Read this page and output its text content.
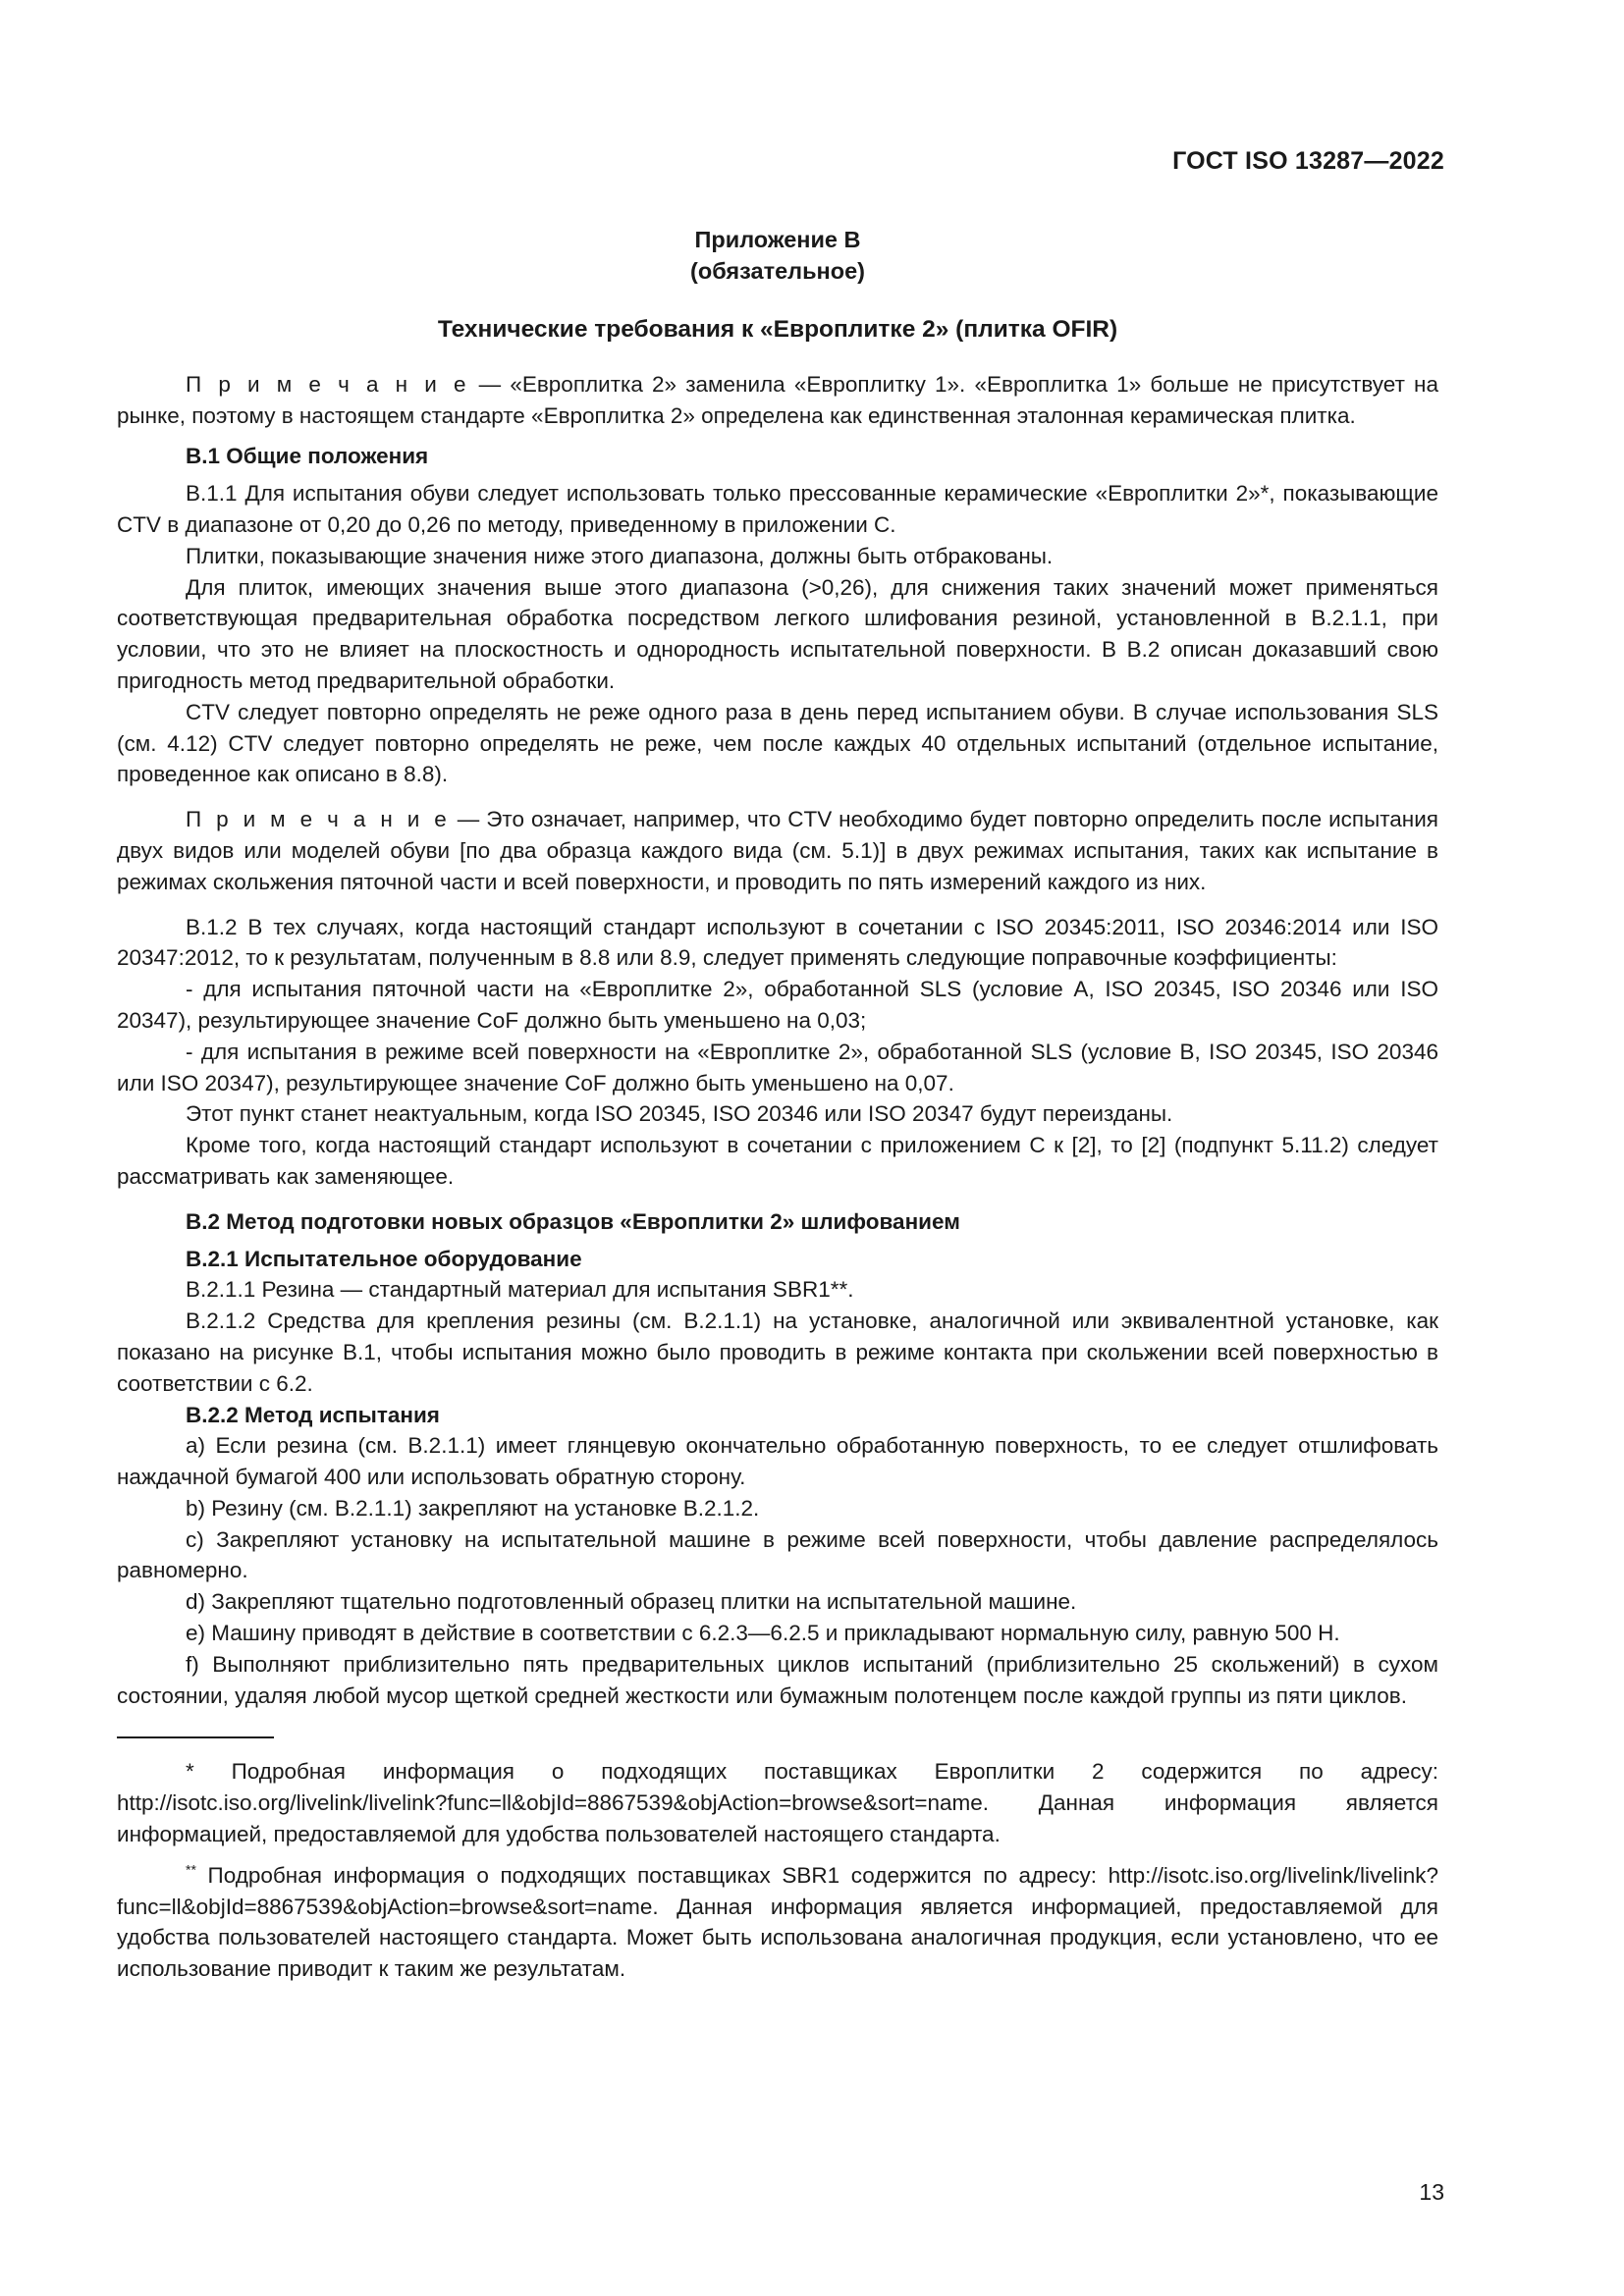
ГОСТ ISO 13287—2022
Приложение В
(обязательное)
Технические требования к «Европлитке 2» (плитка OFIR)

П р и м е ч а н и е — «Европлитка 2» заменила «Европлитку 1». «Европлитка 1» больше не присутствует на рынке, поэтому в настоящем стандарте «Европлитка 2» определена как единственная эталонная керамическая плитка.

B.1 Общие положения

B.1.1 Для испытания обуви следует использовать только прессованные керамические «Европлитки 2»*, показывающие CTV в диапазоне от 0,20 до 0,26 по методу, приведенному в приложении С.

Плитки, показывающие значения ниже этого диапазона, должны быть отбракованы.

Для плиток, имеющих значения выше этого диапазона (>0,26), для снижения таких значений может применяться соответствующая предварительная обработка посредством легкого шлифования резиной, установленной в В.2.1.1, при условии, что это не влияет на плоскостность и однородность испытательной поверхности. В В.2 описан доказавший свою пригодность метод предварительной обработки.

CTV следует повторно определять не реже одного раза в день перед испытанием обуви. В случае использования SLS (см. 4.12) CTV следует повторно определять не реже, чем после каждых 40 отдельных испытаний (отдельное испытание, проведенное как описано в 8.8).

П р и м е ч а н и е — Это означает, например, что CTV необходимо будет повторно определить после испытания двух видов или моделей обуви [по два образца каждого вида (см. 5.1)] в двух режимах испытания, таких как испытание в режимах скольжения пяточной части и всей поверхности, и проводить по пять измерений каждого из них.

B.1.2 В тех случаях, когда настоящий стандарт используют в сочетании с ISO 20345:2011, ISO 20346:2014 или ISO 20347:2012, то к результатам, полученным в 8.8 или 8.9, следует применять следующие поправочные коэффициенты:

- для испытания пяточной части на «Европлитке 2», обработанной SLS (условие А, ISO 20345, ISO 20346 или ISO 20347), результирующее значение CoF должно быть уменьшено на 0,03;

- для испытания в режиме всей поверхности на «Европлитке 2», обработанной SLS (условие В, ISO 20345, ISO 20346 или ISO 20347), результирующее значение CoF должно быть уменьшено на 0,07.

Этот пункт станет неактуальным, когда ISO 20345, ISO 20346 или ISO 20347 будут переизданы.

Кроме того, когда настоящий стандарт используют в сочетании с приложением С к [2], то [2] (подпункт 5.11.2) следует рассматривать как заменяющее.

B.2 Метод подготовки новых образцов «Европлитки 2» шлифованием

B.2.1 Испытательное оборудование

B.2.1.1 Резина — стандартный материал для испытания SBR1**.

B.2.1.2 Средства для крепления резины (см. В.2.1.1) на установке, аналогичной или эквивалентной установке, как показано на рисунке В.1, чтобы испытания можно было проводить в режиме контакта при скольжении всей поверхностью в соответствии с 6.2.

B.2.2 Метод испытания

a) Если резина (см. В.2.1.1) имеет глянцевую окончательно обработанную поверхность, то ее следует отшлифовать наждачной бумагой 400 или использовать обратную сторону.

b) Резину (см. В.2.1.1) закрепляют на установке В.2.1.2.

c) Закрепляют установку на испытательной машине в режиме всей поверхности, чтобы давление распределялось равномерно.

d) Закрепляют тщательно подготовленный образец плитки на испытательной машине.

e) Машину приводят в действие в соответствии с 6.2.3—6.2.5 и прикладывают нормальную силу, равную 500 Н.

f) Выполняют приблизительно пять предварительных циклов испытаний (приблизительно 25 скольжений) в сухом состоянии, удаляя любой мусор щеткой средней жесткости или бумажным полотенцем после каждой группы из пяти циклов.

* Подробная информация о подходящих поставщиках Европлитки 2 содержится по адресу: http://isotc.iso.org/livelink/livelink?func=ll&objId=8867539&objAction=browse&sort=name. Данная информация является информацией, предоставляемой для удобства пользователей настоящего стандарта.

** Подробная информация о подходящих поставщиках SBR1 содержится по адресу: http://isotc.iso.org/livelink/livelink?func=ll&objId=8867539&objAction=browse&sort=name. Данная информация является информацией, предоставляемой для удобства пользователей настоящего стандарта. Может быть использована аналогичная продукция, если установлено, что ее использование приводит к таким же результатам.

13
